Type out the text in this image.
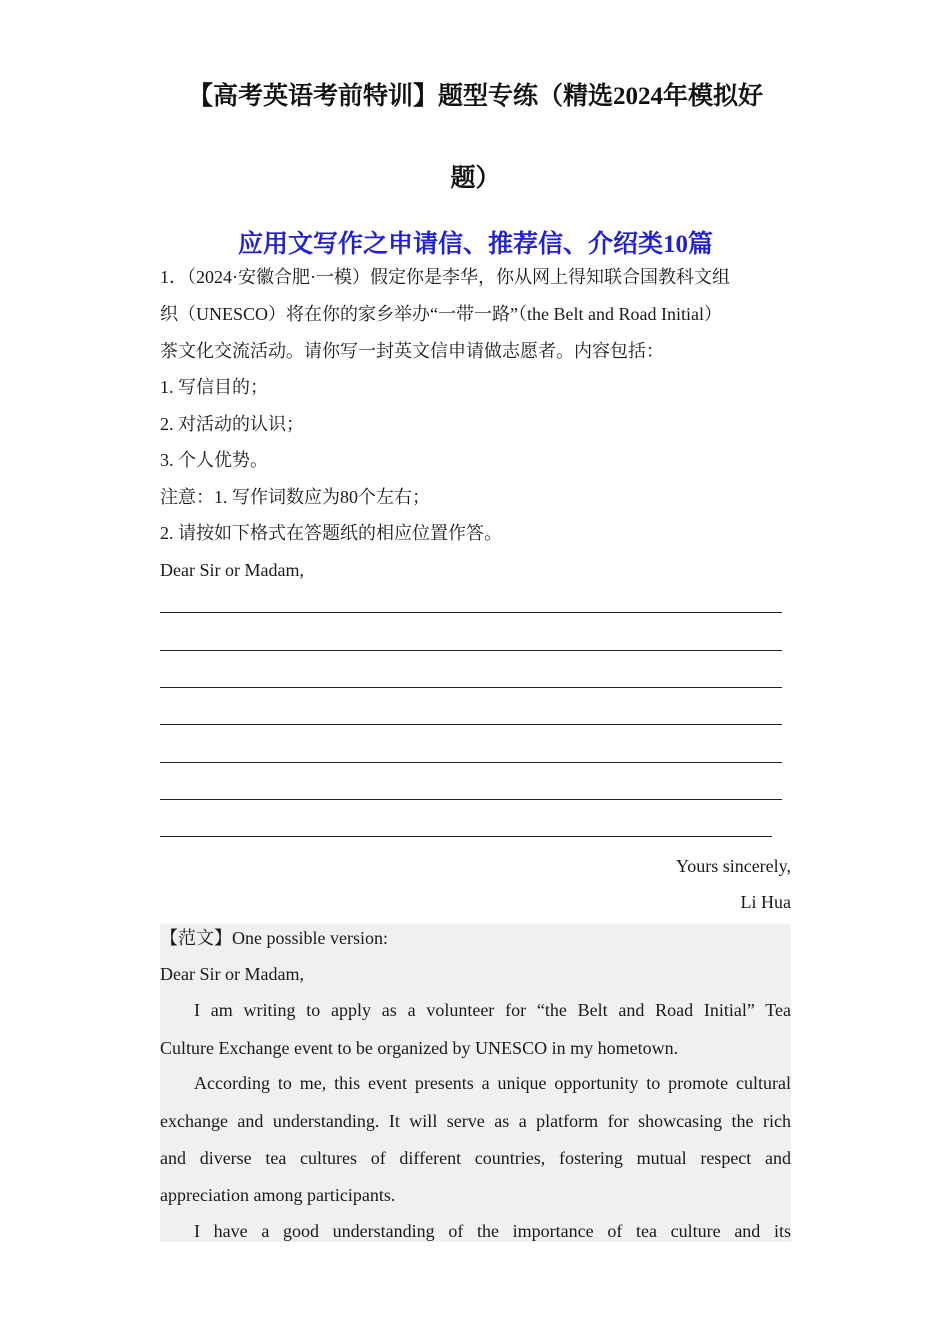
【高考英语考前特训】题型专练（精选2024年模拟好
题）
应用文写作之申请信、推荐信、介绍类10篇
1．（2024·安徽合肥·一模）假定你是李华，你从网上得知联合国教科文组
织（UNESCO）将在你的家乡举办“一带一路”（the Belt and Road Initial）
茶文化交流活动。请你写一封英文信申请做志愿者。内容包括：
1. 写信目的；
2. 对活动的认识；
3. 个人优势。
注意：1. 写作词数应为80个左右；
2. 请按如下格式在答题纸的相应位置作答。
Dear Sir or Madam,
Yours sincerely,
Li Hua
【范文】One possible version:
Dear Sir or Madam,
I am writing to apply as a volunteer for “the Belt and Road Initial” Tea
Culture Exchange event to be organized by UNESCO in my hometown.
According to me, this event presents a unique opportunity to promote cultural
exchange and understanding. It will serve as a platform for showcasing the rich
and diverse tea cultures of different countries, fostering mutual respect and
appreciation among participants.
I have a good understanding of the importance of tea culture and its
